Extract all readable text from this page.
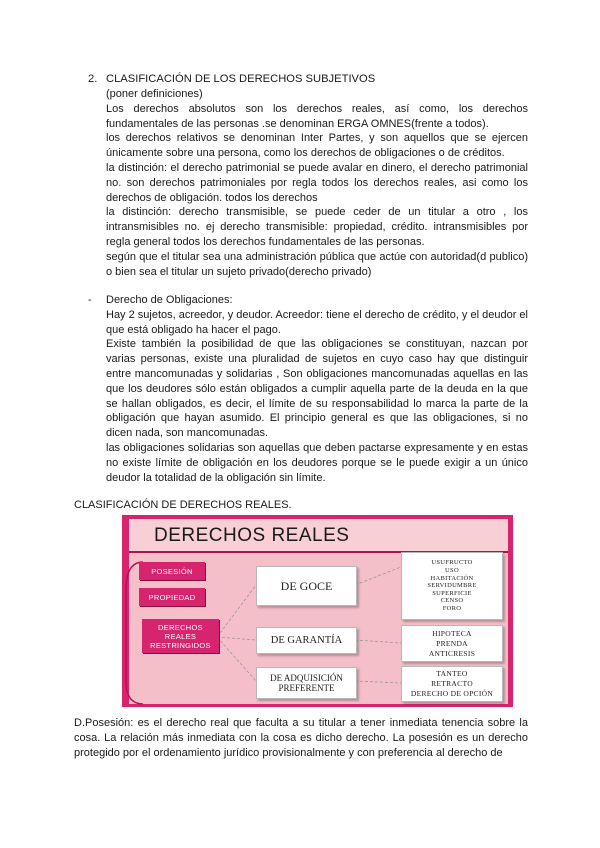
2. CLASIFICACIÓN DE LOS DERECHOS SUBJETIVOS

(poner definiciones)

Los derechos absolutos son los derechos reales, así como, los derechos fundamentales de las personas .se denominan ERGA OMNES(frente a todos).

los derechos relativos se denominan Inter Partes, y son aquellos que se ejercen únicamente sobre una persona, como los derechos de obligaciones o de créditos.

la distinción: el derecho patrimonial se puede avalar en dinero, el derecho patrimonial no. son derechos patrimoniales por regla todos los derechos reales, asi como los derechos de obligación. todos los derechos

la distinción: derecho transmisible, se puede ceder de un titular a otro , los intransmisibles no. ej derecho transmisible: propiedad, crédito. intransmisibles por regla general todos los derechos fundamentales de las personas.

según que el titular sea una administración pública que actúe con autoridad(d publico) o bien sea el titular un sujeto privado(derecho privado)

- Derecho de Obligaciones:

Hay 2 sujetos, acreedor, y deudor. Acreedor: tiene el derecho de crédito, y el deudor el que está obligado ha hacer el pago.

Existe también la posibilidad de que las obligaciones se constituyan, nazcan por varias personas, existe una pluralidad de sujetos en cuyo caso hay que distinguir entre mancomunadas y solidarias , Son obligaciones mancomunadas aquellas en las que los deudores sólo están obligados a cumplir aquella parte de la deuda en la que se hallan obligados, es decir, el límite de su responsabilidad lo marca la parte de la obligación que hayan asumido. El principio general es que las obligaciones, si no dicen nada, son mancomunadas.

las obligaciones solidarias son aquellas que deben pactarse expresamente y en estas no existe límite de obligación en los deudores porque se le puede exigir a un único deudor la totalidad de la obligación sin límite.

CLASIFICACIÓN DE DERECHOS REALES.
DERECHOS REALES
POSESIÓN
PROPIEDAD
DERECHOS REALES RESTRINGIDOS
DE GOCE
DE GARANTÍA
DE ADQUISICIÓN PREFERENTE
USUFRUCTO
USO
HABITACIÓN
SERVIDUMBRE
SUPERFICIE
CENSO
FORO
HIPOTECA
PRENDA
ANTICRESIS
TANTEO
RETRACTO
DERECHO DE OPCIÓN

D.Posesión: es el derecho real que faculta a su titular a tener inmediata tenencia sobre la cosa. La relación más inmediata con la cosa es dicho derecho. La posesión es un derecho protegido por el ordenamiento jurídico provisionalmente y con preferencia al derecho de
